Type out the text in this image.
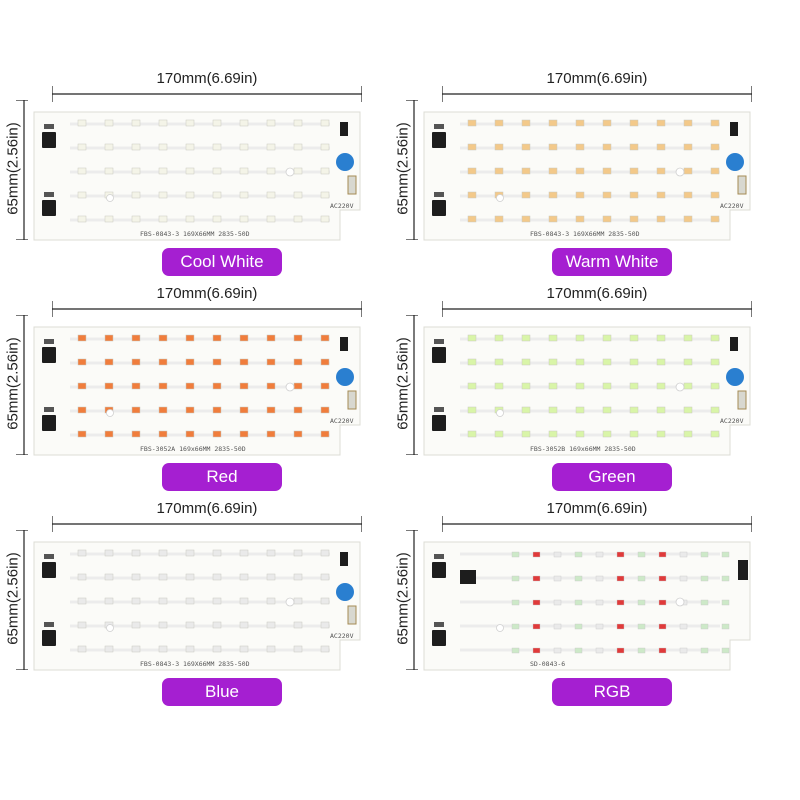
170mm(6.69in)
65mm(2.56in)
FBS-0843-3 169X66MM 2835-50D
AC220V
Cool White
170mm(6.69in)
65mm(2.56in)
FBS-0843-3 169X66MM 2835-50D
AC220V
Warm White
170mm(6.69in)
65mm(2.56in)
FBS-3052A 169x66MM 2835-50D
AC220V
Red
170mm(6.69in)
65mm(2.56in)
FBS-3052B 169x66MM 2835-50D
AC220V
Green
170mm(6.69in)
65mm(2.56in)
FBS-0843-3 169X66MM 2835-50D
AC220V
Blue
170mm(6.69in)
65mm(2.56in)
SD-0843-6
RGB
